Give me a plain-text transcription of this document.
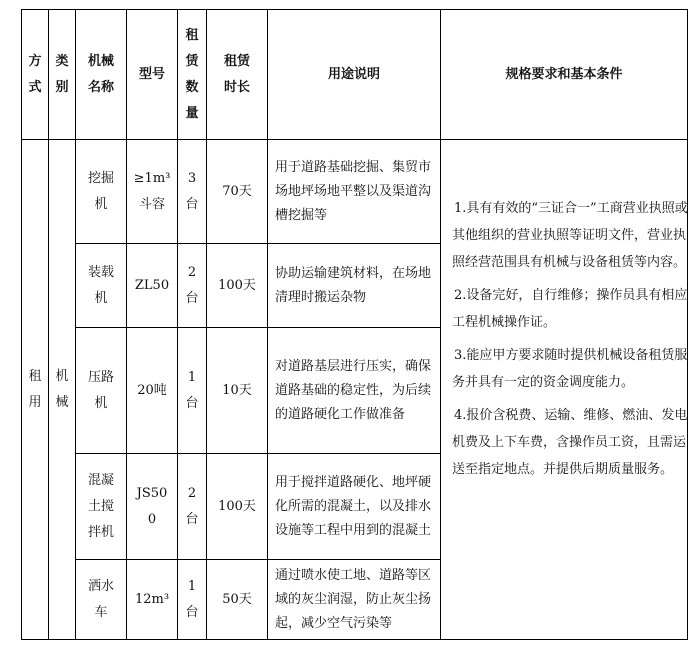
方式
类别
机械名称
型号
租赁数量
租赁时长
用途说明	规格要求和基本条件
租用
机械
挖掘机
≥1m³斗容
3台
70天
用于道路基础挖掘、集贸市场地坪场地平整以及渠道沟槽挖掘等
装载机
ZL50
2台
100天
协助运输建筑材料，在场地清理时搬运杂物
压路机
20吨
1台
10天
对道路基层进行压实，确保道路基础的稳定性，为后续的道路硬化工作做准备
混凝土搅拌机
JS500
2台
100天
用于搅拌道路硬化、地坪硬化所需的混凝土，以及排水设施等工程中用到的混凝土
洒水车
12m³
1台
50天
通过喷水使工地、道路等区域的灰尘润湿，防止灰尘扬起，减少空气污染等

1.具有有效的“三证合一”工商营业执照或其他组织的营业执照等证明文件，营业执照经营范围具有机械与设备租赁等内容。

2.设备完好，自行维修；操作员具有相应工程机械操作证。

3.能应甲方要求随时提供机械设备租赁服务并具有一定的资金调度能力。

4.报价含税费、运输、维修、燃油、发电机费及上下车费，含操作员工资，且需运送至指定地点。并提供后期质量服务。
